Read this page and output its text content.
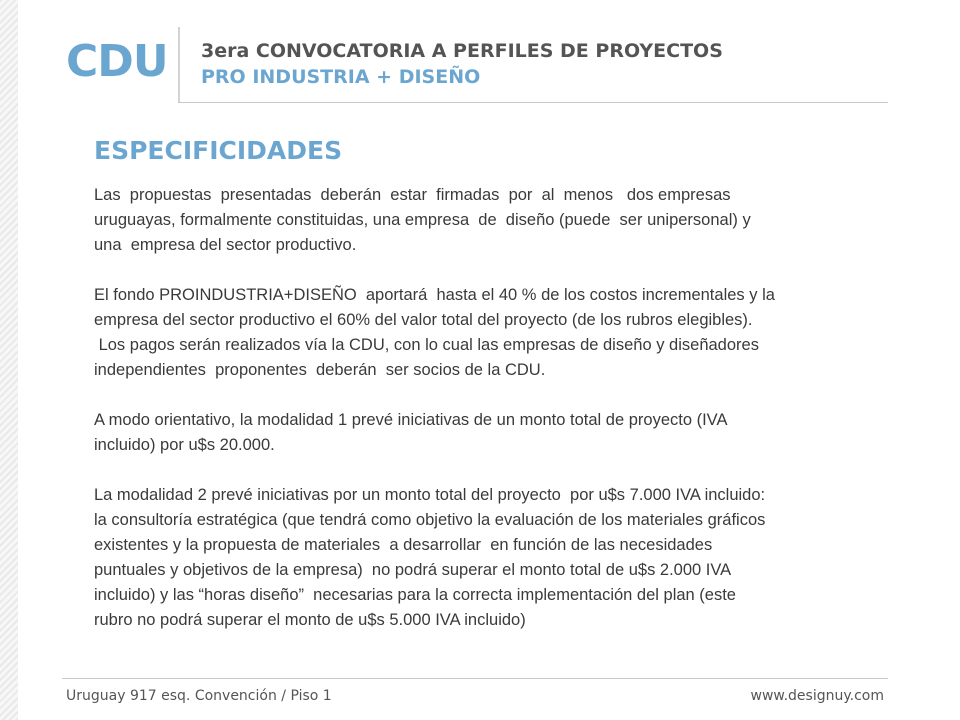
CDU 3era CONVOCATORIA A PERFILES DE PROYECTOS
PRO INDUSTRIA + DISEÑO
ESPECIFICIDADES
Las  propuestas  presentadas  deberán  estar  firmadas  por  al  menos   dos empresas
uruguayas, formalmente constituidas, una empresa  de  diseño (puede  ser unipersonal) y
una  empresa del sector productivo.
El fondo PROINDUSTRIA+DISEÑO  aportará  hasta el 40 % de los costos incrementales y la
empresa del sector productivo el 60% del valor total del proyecto (de los rubros elegibles).
Los pagos serán realizados vía la CDU, con lo cual las empresas de diseño y diseñadores
independientes  proponentes  deberán  ser socios de la CDU.
A modo orientativo, la modalidad 1 prevé iniciativas de un monto total de proyecto (IVA
incluido) por u$s 20.000.
La modalidad 2 prevé iniciativas por un monto total del proyecto  por u$s 7.000 IVA incluido:
la consultoría estratégica (que tendrá como objetivo la evaluación de los materiales gráficos
existentes y la propuesta de materiales  a desarrollar  en función de las necesidades
puntuales y objetivos de la empresa)  no podrá superar el monto total de u$s 2.000 IVA
incluido) y las “horas diseño”  necesarias para la correcta implementación del plan (este
rubro no podrá superar el monto de u$s 5.000 IVA incluido)
Uruguay 917 esq. Convención / Piso 1	www.designuy.com
